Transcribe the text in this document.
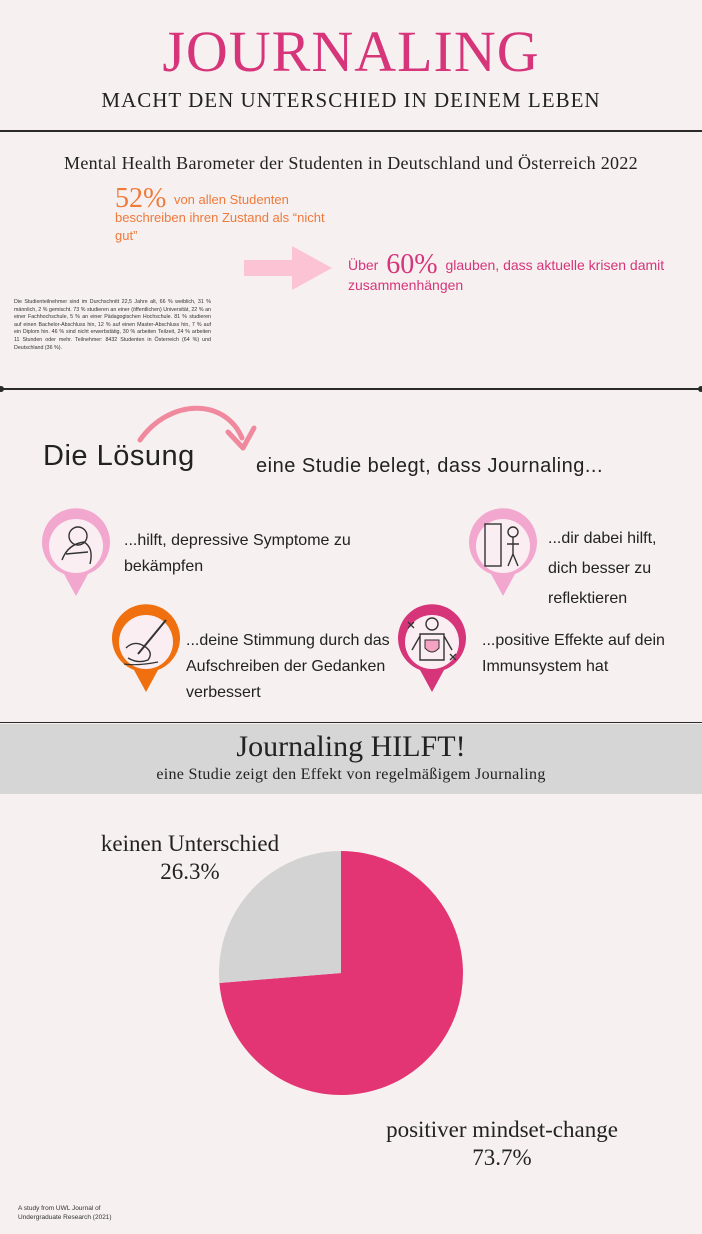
JOURNALING
MACHT DEN UNTERSCHIED IN DEINEM LEBEN
Mental Health Barometer der Studenten in Deutschland und Österreich 2022
52% von allen Studenten beschreiben ihren Zustand als “nicht gut”
Über 60% glauben, dass aktuelle krisen damit zusammenhängen
Die Studienteilnehmer sind im Durchschnitt 22,5 Jahre alt, 66 % weiblich, 31 % männlich, 2 % gemischt. 73 % studieren an einer (öffentlichen) Universität, 22 % an einer Fachhochschule, 5 % an einer Pädagogischen Hochschule. 81 % studieren auf einen Bachelor-Abschluss hin, 12 % auf einen Master-Abschluss hin, 7 % auf ein Diplom hin. 46 % sind nicht erwerbstätig, 30 % arbeiten Teilzeit, 24 % arbeiten 11 Stunden oder mehr. Teilnehmer: 8432 Studenten in Österreich (64 %) und Deutschland (36 %).
Die Lösung	eine Studie belegt, dass Journaling...
...hilft, depressive Symptome zu bekämpfen
...dir dabei hilft, dich besser zu reflektieren
...deine Stimmung durch das Aufschreiben der Gedanken verbessert
...positive Effekte auf dein Immunsystem hat
Journaling HILFT!
eine Studie zeigt den Effekt von regelmäßigem Journaling
keinen Unterschied
26.3%
positiver mindset-change
73.7%
A study from UWL Journal of Undergraduate Research (2021)
